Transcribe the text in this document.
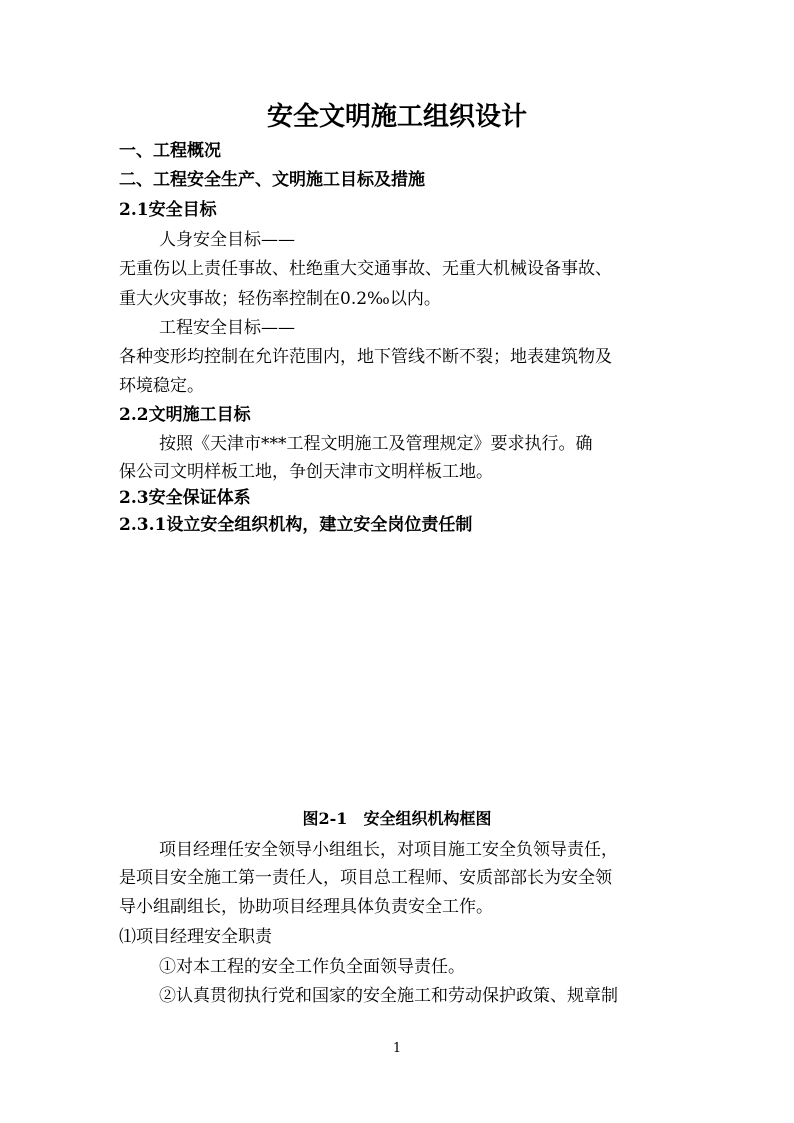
安全文明施工组织设计
一、工程概况
二、工程安全生产、文明施工目标及措施
2.1安全目标
人身安全目标——
无重伤以上责任事故、杜绝重大交通事故、无重大机械设备事故、
重大火灾事故；轻伤率控制在0.2‰以内。
工程安全目标——
各种变形均控制在允许范围内，地下管线不断不裂；地表建筑物及
环境稳定。
2.2文明施工目标
按照《天津市***工程文明施工及管理规定》要求执行。确
保公司文明样板工地，争创天津市文明样板工地。
2.3安全保证体系
2.3.1设立安全组织机构，建立安全岗位责任制
图2-1　安全组织机构框图
项目经理任安全领导小组组长，对项目施工安全负领导责任，
是项目安全施工第一责任人，项目总工程师、安质部部长为安全领
导小组副组长，协助项目经理具体负责安全工作。
⑴项目经理安全职责
①对本工程的安全工作负全面领导责任。
②认真贯彻执行党和国家的安全施工和劳动保护政策、规章制
1
